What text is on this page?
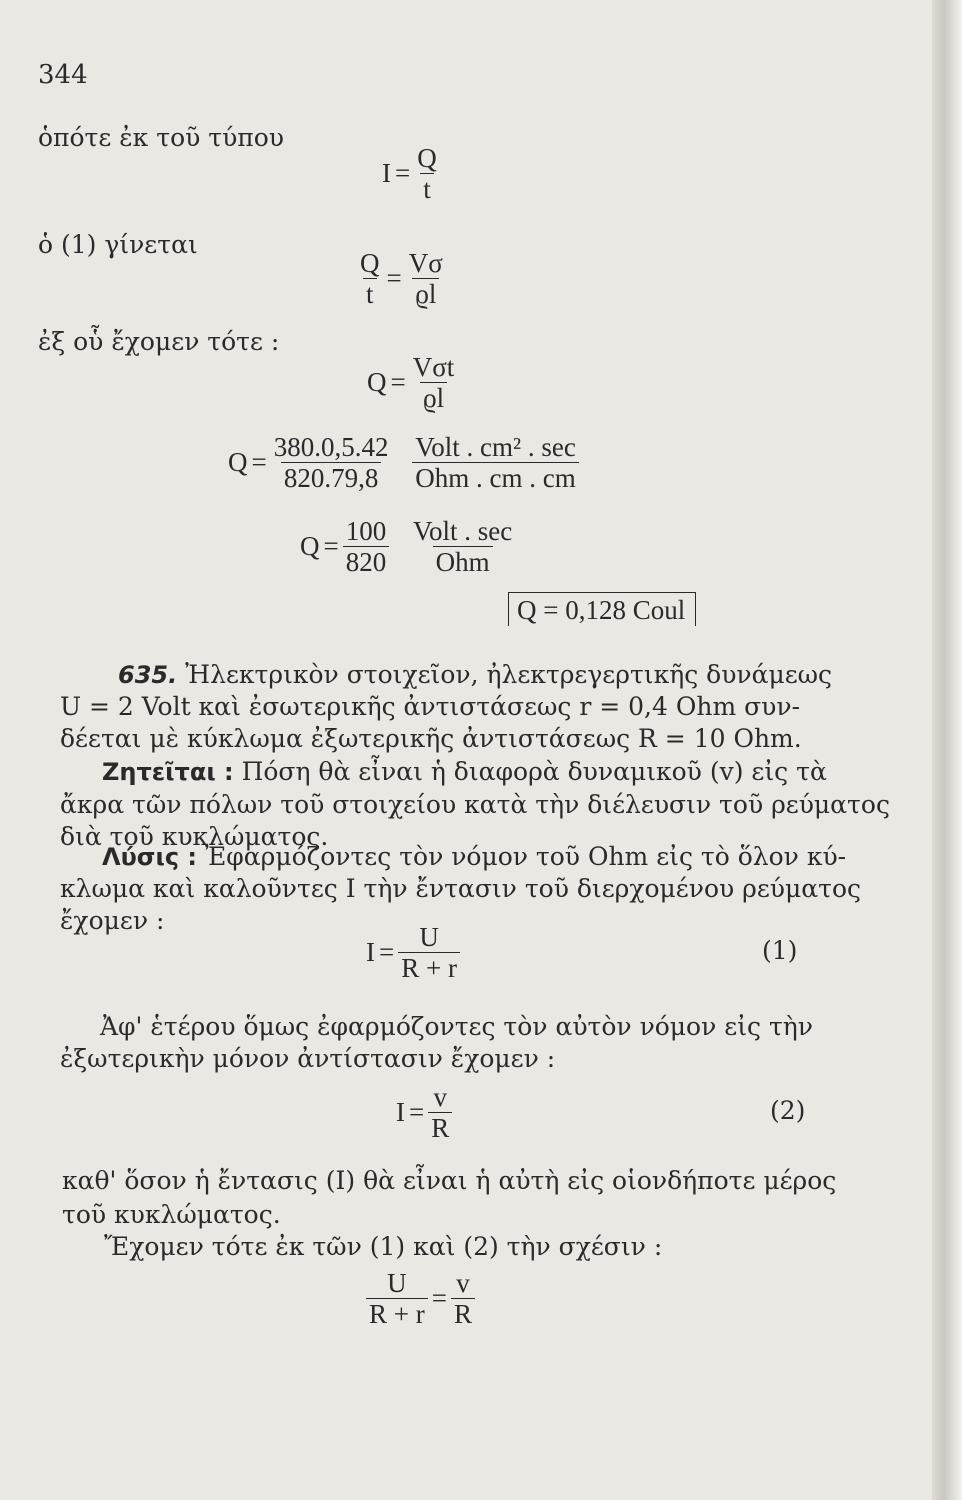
344
ὁπότε ἐκ τοῦ τύπου
$I = \frac{Q}{t}$
ὁ (1) γίνεται
$\frac{Q}{t} = \frac{V\sigma}{ϱl}$
ἐξ οὗ ἔχομεν τότε :
$Q = \frac{\text{Vσt}}{ϱl}$
$Q = \frac{380.0,5.42}{820.79,8}$
$\frac{\text{Volt . cm² . sec}}{\text{Ohm . cm . cm}}$
$Q = \frac{100}{820}$
$\frac{\text{Volt . sec}}{\text{Ohm}}$
Q = 0,128 Coul
635. Ἠλεκτρικὸν στοιχεῖον, ἠλεκτρεγερτικῆς δυνάμεως
U = 2 Volt καὶ ἐσωτερικῆς ἀντιστάσεως r = 0,4 Ohm συν-
δέεται μὲ κύκλωμα ἐξωτερικῆς ἀντιστάσεως R = 10 Ohm.
Ζητεῖται : Πόση θὰ εἶναι ἡ διαφορὰ δυναμικοῦ (v) εἰς τὰ
ἄκρα τῶν πόλων τοῦ στοιχείου κατὰ τὴν διέλευσιν τοῦ ρεύματος
διὰ τοῦ κυκλώματος.
Λύσις : Ἐφαρμόζοντες τὸν νόμον τοῦ Ohm εἰς τὸ ὅλον κύ-
κλωμα καὶ καλοῦντες I τὴν ἔντασιν τοῦ διερχομένου ρεύματος
ἔχομεν :
$I = \frac{U}{R + r}$	(1)
Ἀφ' ἑτέρου ὅμως ἐφαρμόζοντες τὸν αὐτὸν νόμον εἰς τὴν
ἐξωτερικὴν μόνον ἀντίστασιν ἔχομεν :
$I = \frac{v}{R}$	(2)
καθ' ὅσον ἡ ἔντασις (I) θὰ εἶναι ἡ αὐτὴ εἰς οἱονδήποτε μέρος
τοῦ κυκλώματος.
Ἔχομεν τότε ἐκ τῶν (1) καὶ (2) τὴν σχέσιν :
$\frac{U}{R + r} = \frac{v}{R}$
